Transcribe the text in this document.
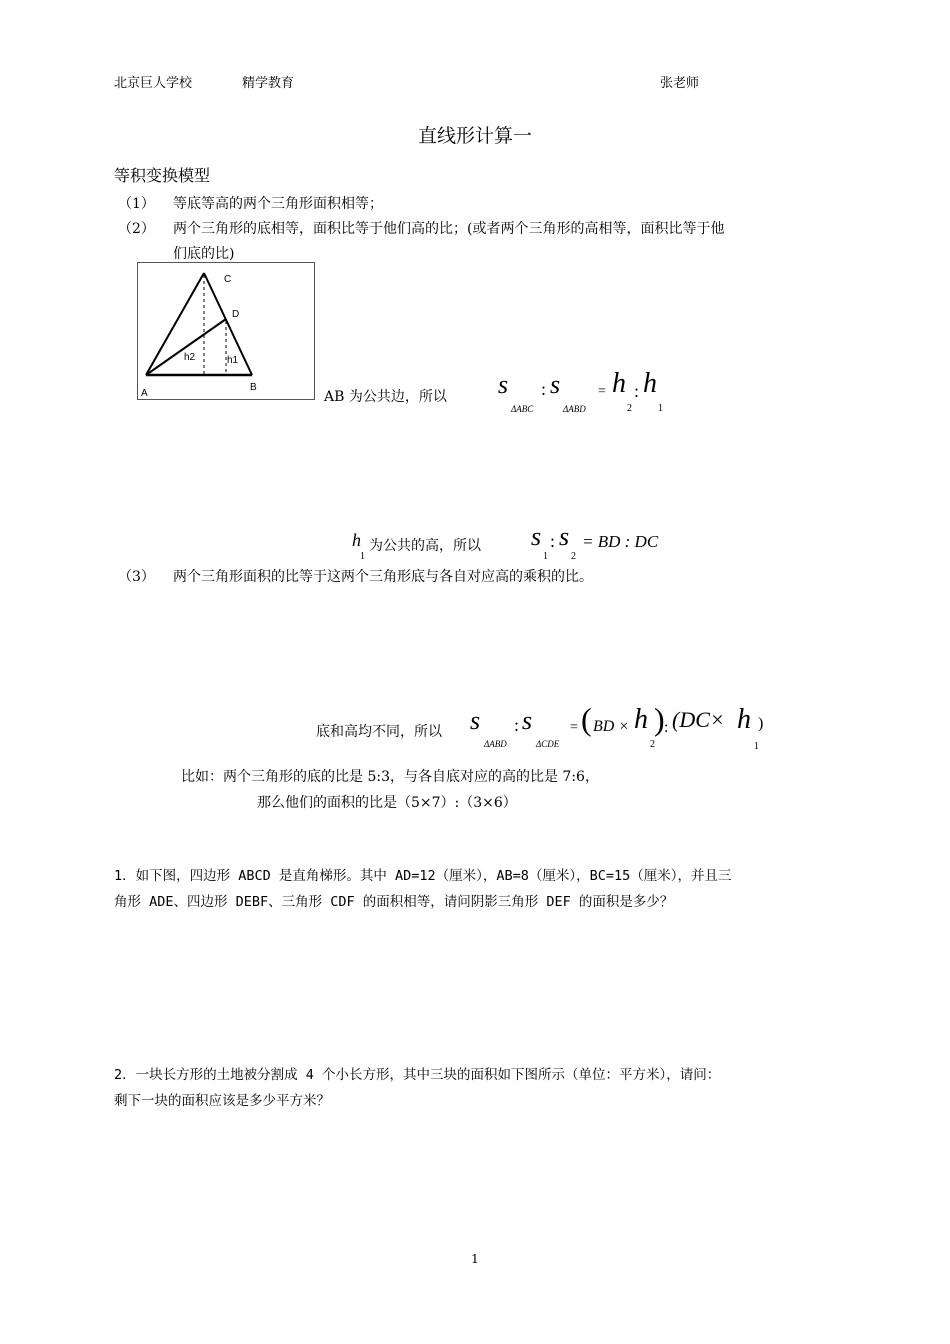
北京巨人学校	精学教育	张老师
直线形计算一
等积变换模型
（1） 等底等高的两个三角形面积相等；
（2） 两个三角形的底相等，面积比等于他们高的比；(或者两个三角形的高相等，面积比等于他
们底的比)
A
B
C
D
h2	h1
AB 为公共边，所以 s
ΔABC
: s
ΔABD
= h
2
: h
1
h
1
为公共的高，所以 s
1
: s
2
= BD : DC
（3） 两个三角形面积的比等于这两个三角形底与各自对应高的乘积的比。
底和高均不同，所以 s
ΔABD
: s
ΔCDE
= ( BD × h
2
) : (DC× h
1
)
比如：两个三角形的底的比是 5:3，与各自底对应的高的比是 7:6，
那么他们的面积的比是（5×7）:（3×6）
1．如下图，四边形 ABCD 是直角梯形。其中 AD=12（厘米），AB=8（厘米），BC=15（厘米），并且三
角形 ADE、四边形 DEBF、三角形 CDF 的面积相等，请问阴影三角形 DEF 的面积是多少？
2．一块长方形的土地被分割成 4 个小长方形，其中三块的面积如下图所示（单位：平方米），请问：
剩下一块的面积应该是多少平方米？
1
